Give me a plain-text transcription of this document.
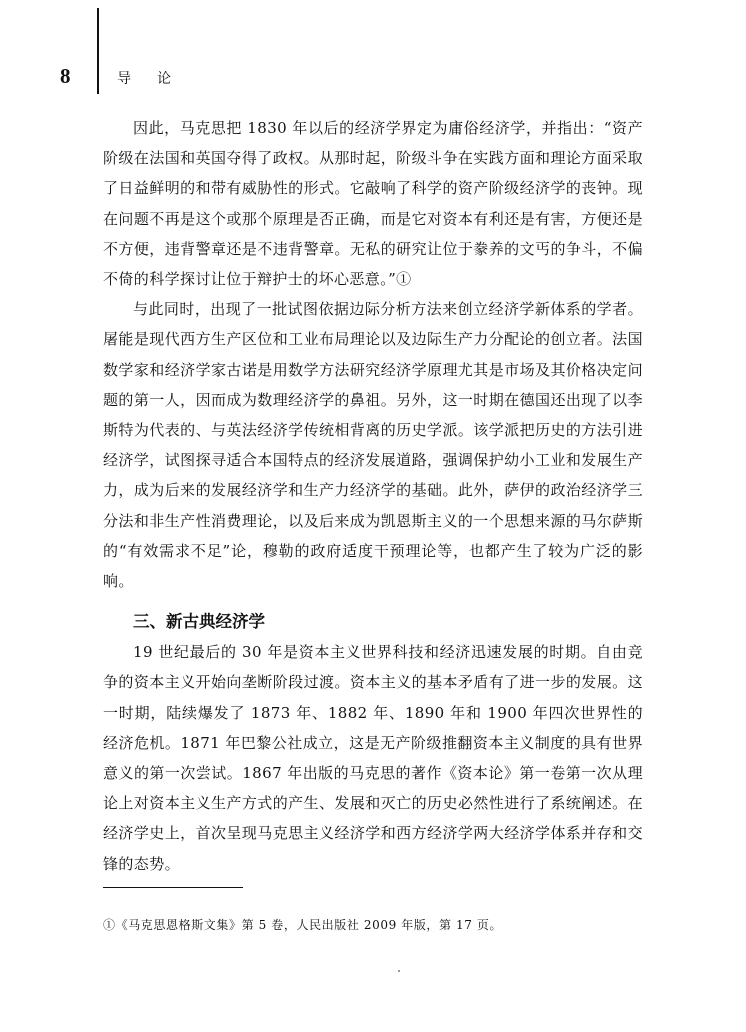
8	导论

因此，马克思把 1830 年以后的经济学界定为庸俗经济学，并指出：“资产阶级在法国和英国夺得了政权。从那时起，阶级斗争在实践方面和理论方面采取了日益鲜明的和带有威胁性的形式。它敲响了科学的资产阶级经济学的丧钟。现在问题不再是这个或那个原理是否正确，而是它对资本有利还是有害，方便还是不方便，违背警章还是不违背警章。无私的研究让位于豢养的文丐的争斗，不偏不倚的科学探讨让位于辩护士的坏心恶意。”①

与此同时，出现了一批试图依据边际分析方法来创立经济学新体系的学者。屠能是现代西方生产区位和工业布局理论以及边际生产力分配论的创立者。法国数学家和经济学家古诺是用数学方法研究经济学原理尤其是市场及其价格决定问题的第一人，因而成为数理经济学的鼻祖。另外，这一时期在德国还出现了以李斯特为代表的、与英法经济学传统相背离的历史学派。该学派把历史的方法引进经济学，试图探寻适合本国特点的经济发展道路，强调保护幼小工业和发展生产力，成为后来的发展经济学和生产力经济学的基础。此外，萨伊的政治经济学三分法和非生产性消费理论，以及后来成为凯恩斯主义的一个思想来源的马尔萨斯的“有效需求不足”论，穆勒的政府适度干预理论等，也都产生了较为广泛的影响。

三、新古典经济学

19 世纪最后的 30 年是资本主义世界科技和经济迅速发展的时期。自由竞争的资本主义开始向垄断阶段过渡。资本主义的基本矛盾有了进一步的发展。这一时期，陆续爆发了 1873 年、1882 年、1890 年和 1900 年四次世界性的经济危机。1871 年巴黎公社成立，这是无产阶级推翻资本主义制度的具有世界意义的第一次尝试。1867 年出版的马克思的著作《资本论》第一卷第一次从理论上对资本主义生产方式的产生、发展和灭亡的历史必然性进行了系统阐述。在经济学史上，首次呈现马克思主义经济学和西方经济学两大经济学体系并存和交锋的态势。

①《马克思恩格斯文集》第 5 卷，人民出版社 2009 年版，第 17 页。
